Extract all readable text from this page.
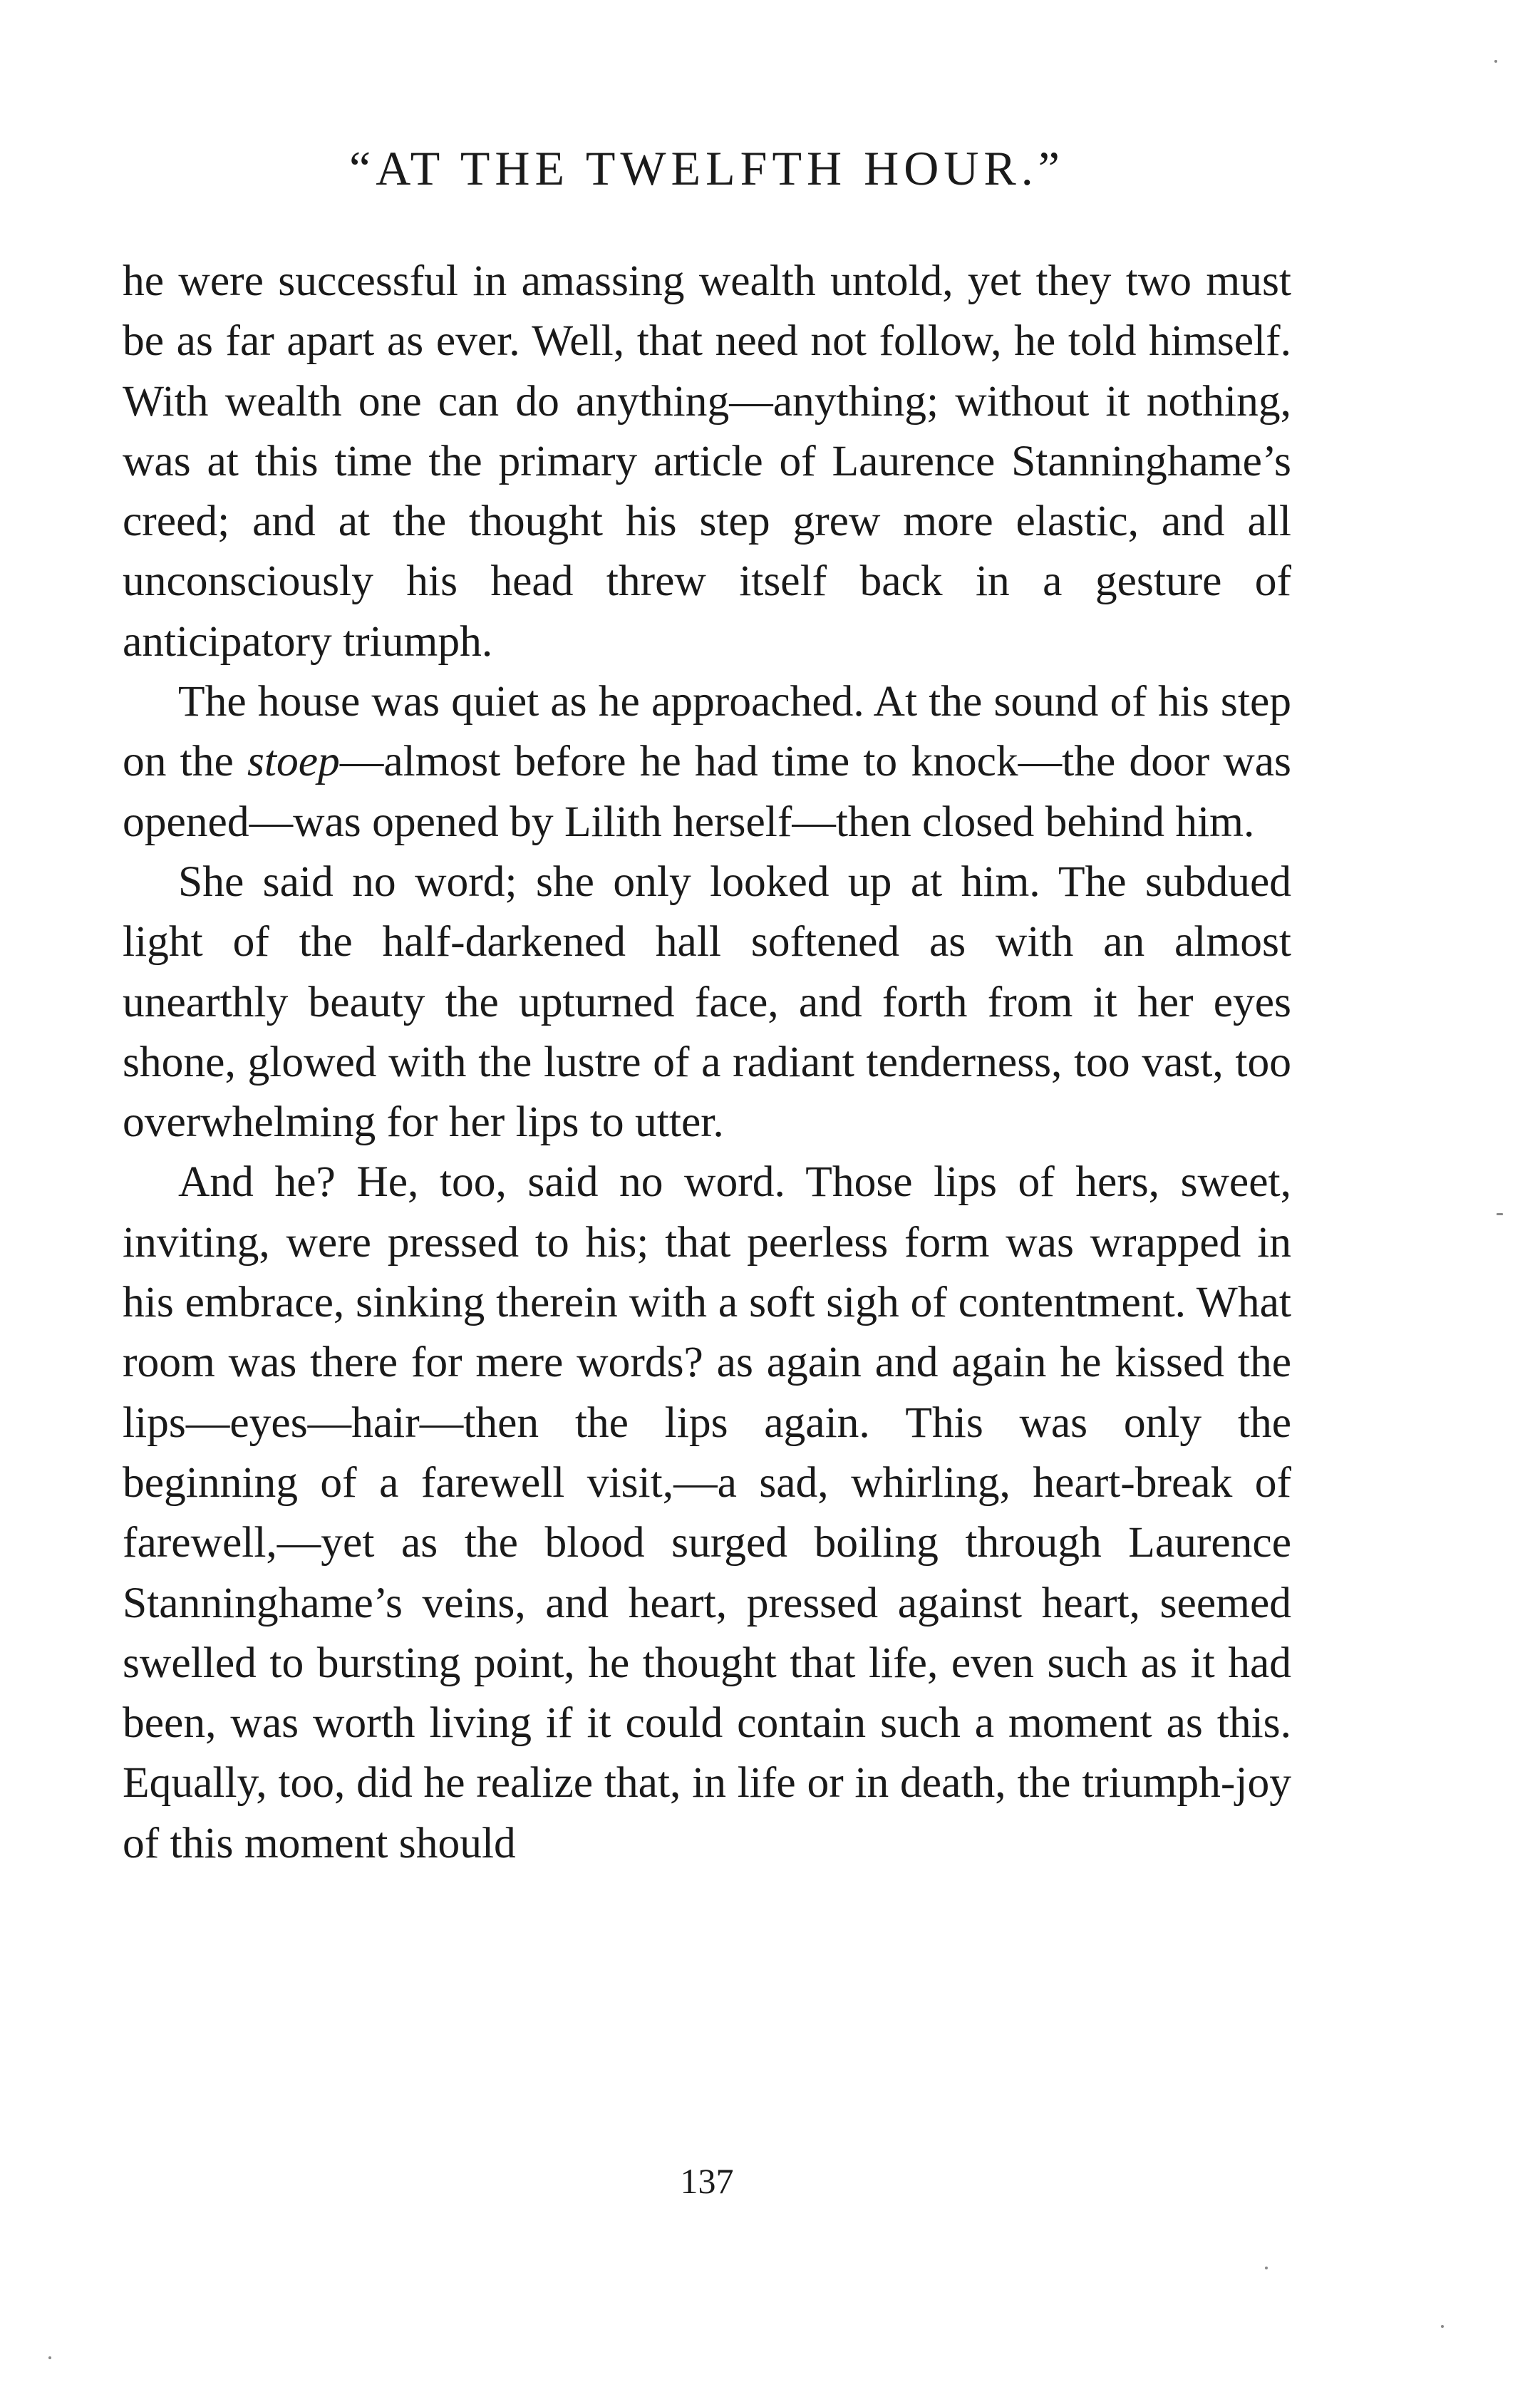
“AT THE TWELFTH HOUR.”

he were successful in amassing wealth untold, yet they two must be as far apart as ever. Well, that need not follow, he told himself. With wealth one can do anything—anything; without it nothing, was at this time the primary article of Laurence Stanninghame’s creed; and at the thought his step grew more elastic, and all unconsciously his head threw itself back in a gesture of anticipatory triumph.

The house was quiet as he approached. At the sound of his step on the stoep—almost before he had time to knock—the door was opened—was opened by Lilith herself—then closed behind him.

She said no word; she only looked up at him. The subdued light of the half-darkened hall softened as with an almost unearthly beauty the upturned face, and forth from it her eyes shone, glowed with the lustre of a radiant tenderness, too vast, too overwhelming for her lips to utter.

And he? He, too, said no word. Those lips of hers, sweet, inviting, were pressed to his; that peerless form was wrapped in his embrace, sinking therein with a soft sigh of contentment. What room was there for mere words? as again and again he kissed the lips—eyes—hair—then the lips again. This was only the beginning of a farewell visit,—a sad, whirling, heart-break of farewell,—yet as the blood surged boiling through Laurence Stanninghame’s veins, and heart, pressed against heart, seemed swelled to bursting point, he thought that life, even such as it had been, was worth living if it could contain such a moment as this. Equally, too, did he realize that, in life or in death, the triumph-joy of this moment should

137
